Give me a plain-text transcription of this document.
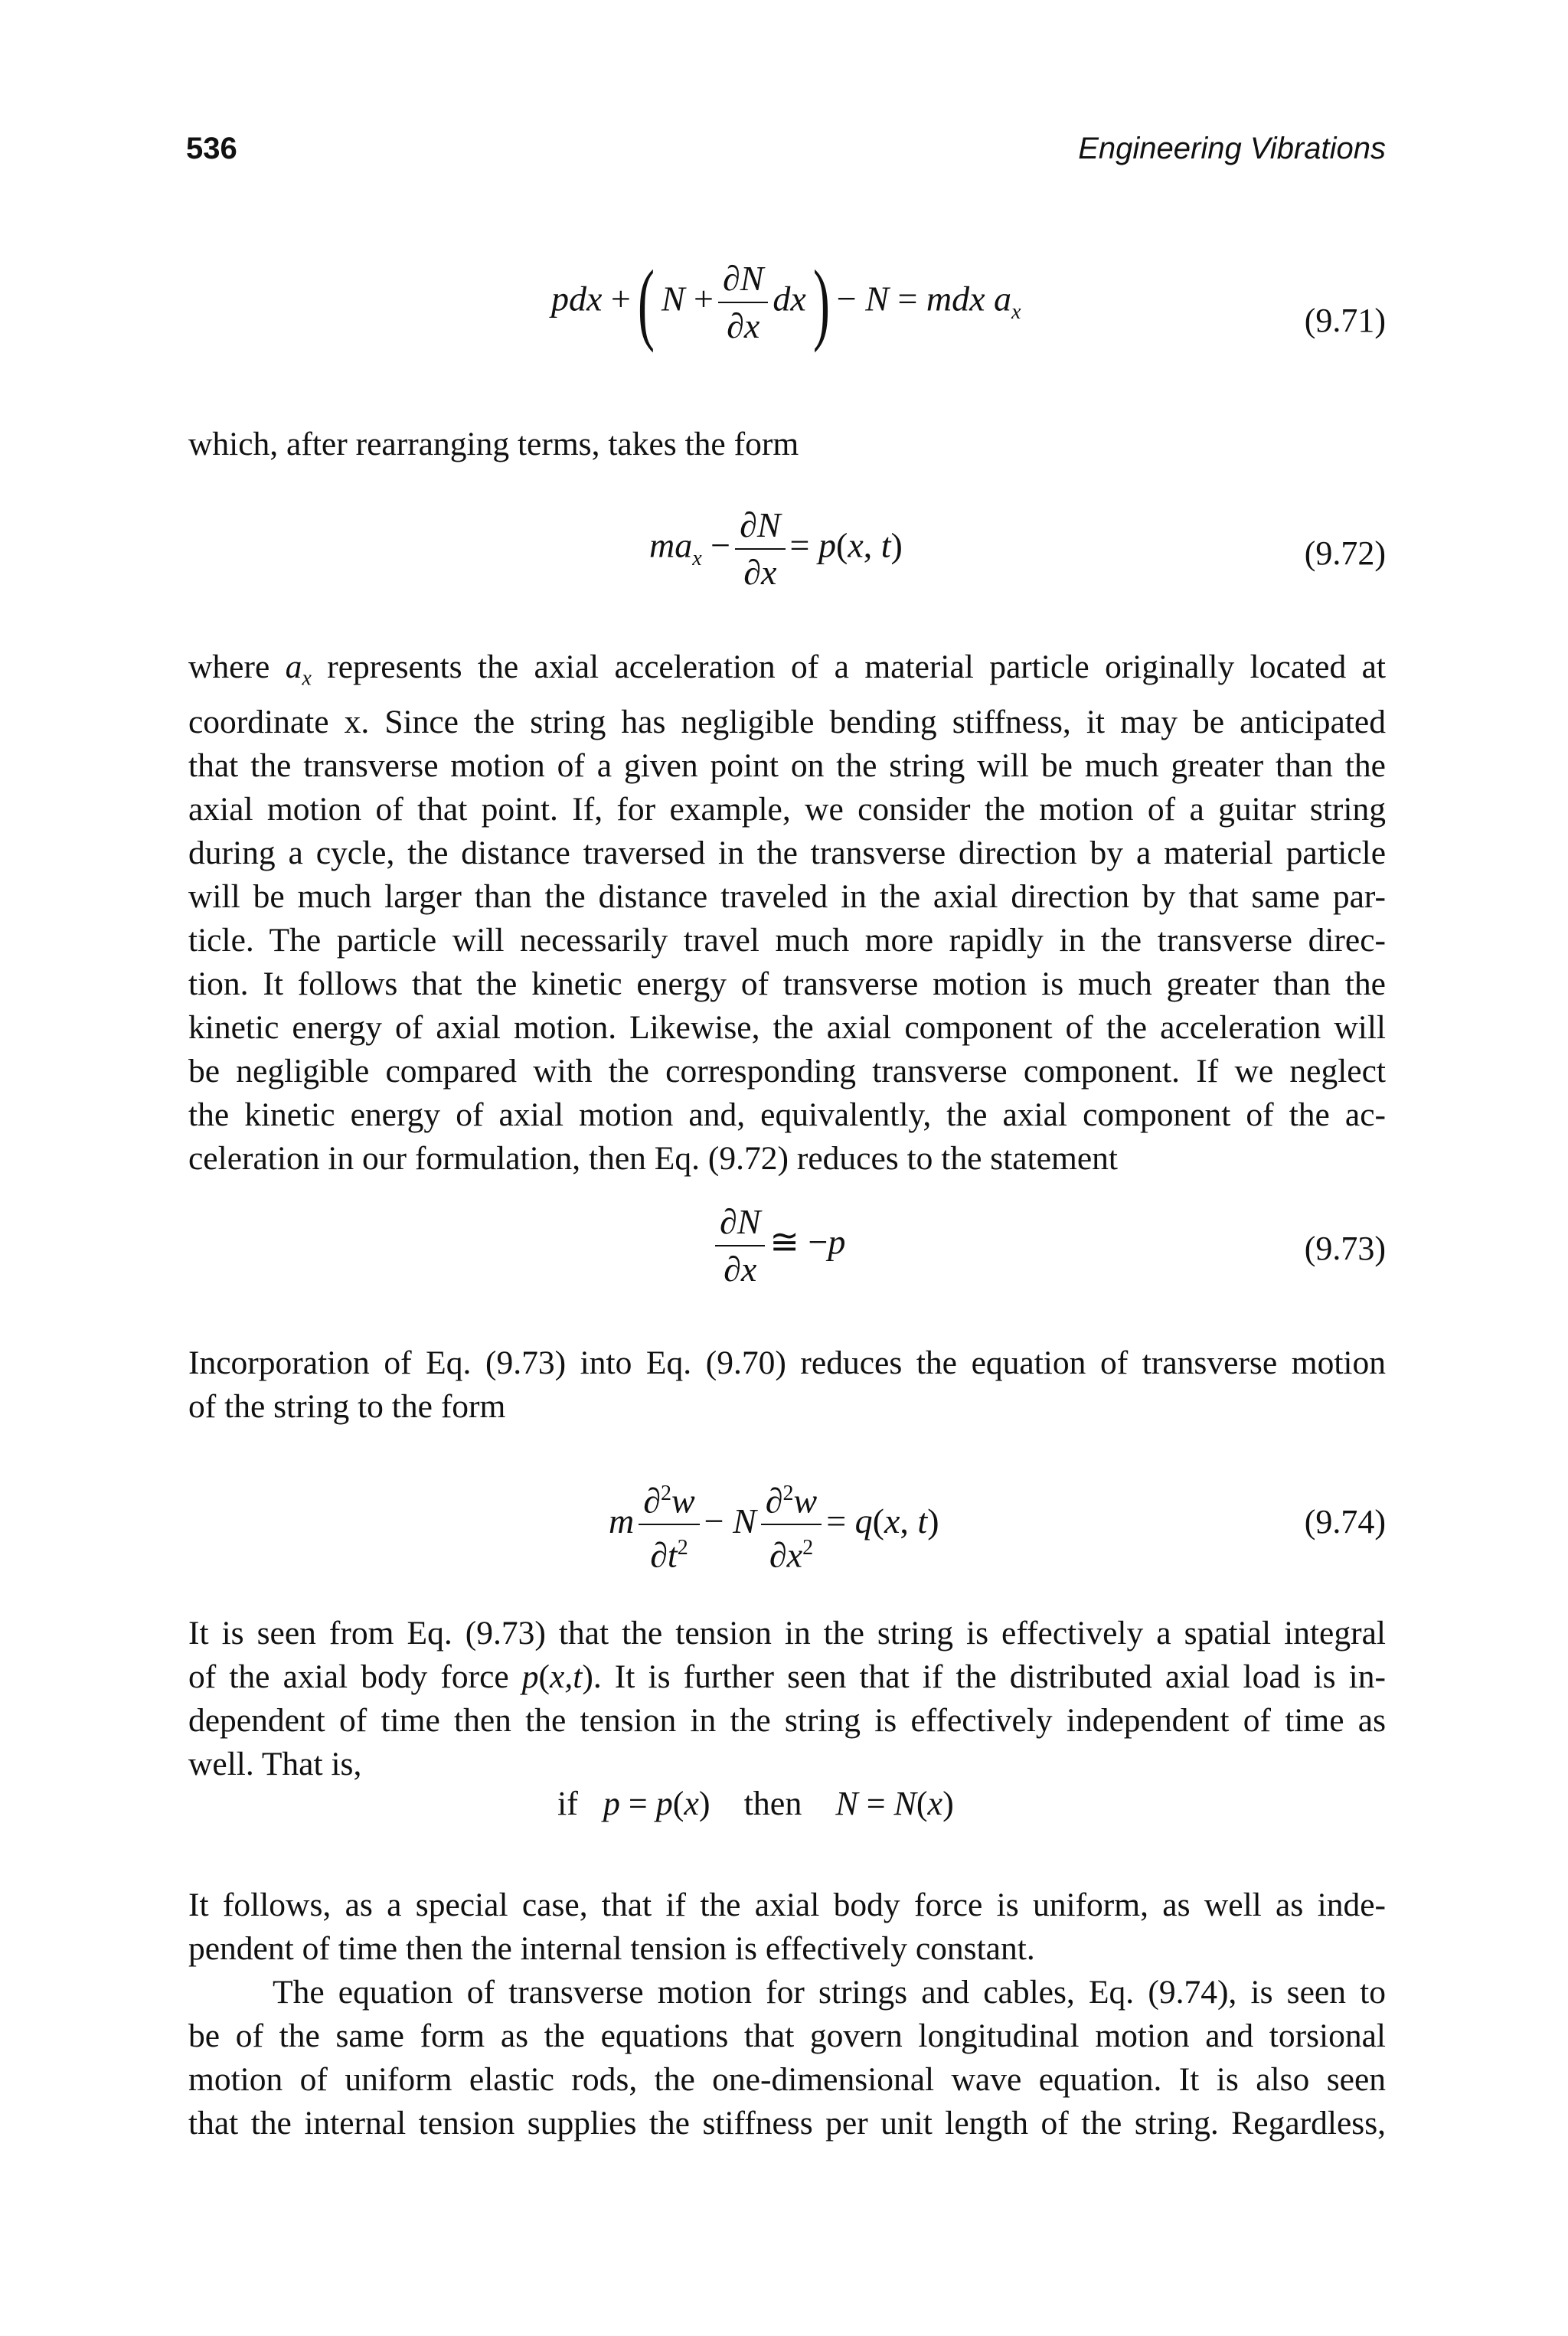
536	Engineering Vibrations
pdx +( $N + \frac{\partial N}{\partial x} dx) - N$ = mdx $a_x$	(9.71)
which, after rearranging terms, takes the form
$ma_x - \frac{\partial N}{\partial x} = p(x$, t)	(9.72)
where $a_x$ represents the axial acceleration of a material particle originally located at
coordinate x. Since the string has negligible bending stiffness, it may be anticipated
that the transverse motion of a given point on the string will be much greater than the
axial motion of that point. If, for example, we consider the motion of a guitar string
during a cycle, the distance traversed in the transverse direction by a material particle
will be much larger than the distance traveled in the axial direction by that same par-
ticle. The particle will necessarily travel much more rapidly in the transverse direc-
tion. It follows that the kinetic energy of transverse motion is much greater than the
kinetic energy of axial motion. Likewise, the axial component of the acceleration will
be negligible compared with the corresponding transverse component. If we neglect
the kinetic energy of axial motion and, equivalently, the axial component of the ac-
celeration in our formulation, then Eq. (9.72) reduces to the statement
$\frac{\partial N}{\partial x}$ ≅ −p	(9.73)
Incorporation of Eq. (9.73) into Eq. (9.70) reduces the equation of transverse motion
of the string to the form
m $\frac{\partial^2w}{\partial t^2} - N \frac{\partial^2w}{\partial x^2} = q(x$, t)	(9.74)
It is seen from Eq. (9.73) that the tension in the string is effectively a spatial integral
of the axial body force p(x,t). It is further seen that if the distributed axial load is in-
dependent of time then the tension in the string is effectively independent of time as
well. That is,
if p = p(x)    then N = N(x)
It follows, as a special case, that if the axial body force is uniform, as well as inde-
pendent of time then the internal tension is effectively constant.
The equation of transverse motion for strings and cables, Eq. (9.74), is seen to
be of the same form as the equations that govern longitudinal motion and torsional
motion of uniform elastic rods, the one-dimensional wave equation. It is also seen
that the internal tension supplies the stiffness per unit length of the string. Regardless,
